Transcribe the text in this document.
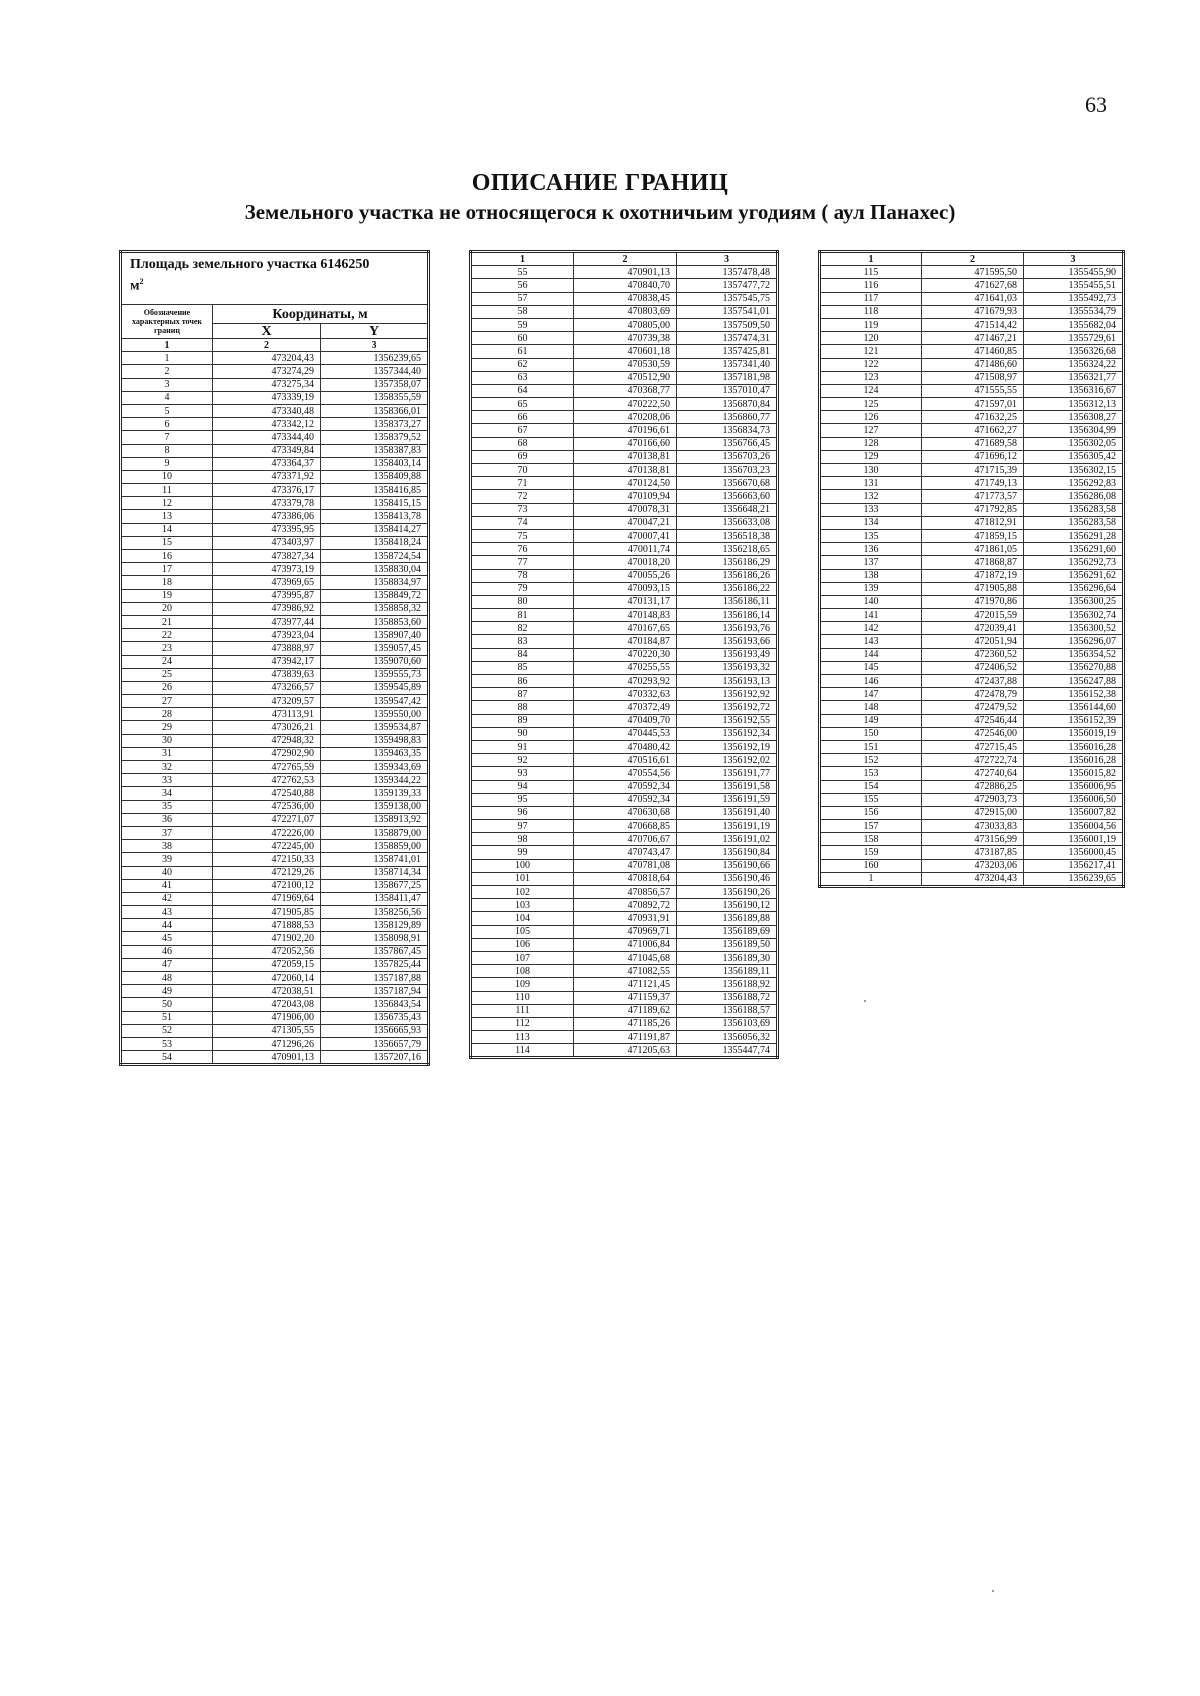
63
ОПИСАНИЕ ГРАНИЦ
Земельного участка не относящегося к охотничьим угодиям ( аул Панахес)
Площадь земельного участка 6146250
$м^2$
Обозначение характерных точек границ	Координаты, м	
	X	Y
1	2	3
1	473204,43	1356239,65
2	473274,29	1357344,40
3	473275,34	1357358,07
4	473339,19	1358355,59
5	473340,48	1358366,01
6	473342,12	1358373,27
7	473344,40	1358379,52
8	473349,84	1358387,83
9	473364,37	1358403,14
10	473371,92	1358409,88
11	473376,17	1358416,85
12	473379,78	1358415,15
13	473386,06	1358413,78
14	473395,95	1358414,27
15	473403,97	1358418,24
16	473827,34	1358724,54
17	473973,19	1358830,04
18	473969,65	1358834,97
19	473995,87	1358849,72
20	473986,92	1358858,32
21	473977,44	1358853,60
22	473923,04	1358907,40
23	473888,97	1359057,45
24	473942,17	1359070,60
25	473839,63	1359555,73
26	473266,57	1359545,89
27	473209,57	1359547,42
28	473113,91	1359550,00
29	473026,21	1359534,87
30	472948,32	1359498,83
31	472902,90	1359463,35
32	472765,59	1359343,69
33	472762,53	1359344,22
34	472540,88	1359139,33
35	472536,00	1359138,00
36	472271,07	1358913,92
37	472226,00	1358879,00
38	472245,00	1358859,00
39	472150,33	1358741,01
40	472129,26	1358714,34
41	472100,12	1358677,25
42	471969,64	1358411,47
43	471905,85	1358256,56
44	471888,53	1358129,89
45	471902,20	1358098,91
46	472052,56	1357867,45
47	472059,15	1357825,44
48	472060,14	1357187,88
49	472038,51	1357187,94
50	472043,08	1356843,54
51	471906,00	1356735,43
52	471305,55	1356665,93
53	471296,26	1356657,79
54	470901,13	1357207,16
1	2	3
55	470901,13	1357478,48
56	470840,70	1357477,72
57	470838,45	1357545,75
58	470803,69	1357541,01
59	470805,00	1357509,50
60	470739,38	1357474,31
61	470601,18	1357425,81
62	470530,59	1357341,40
63	470512,90	1357181,98
64	470368,77	1357010,47
65	470222,50	1356870,84
66	470208,06	1356860,77
67	470196,61	1356834,73
68	470166,60	1356766,45
69	470138,81	1356703,26
70	470138,81	1356703,23
71	470124,50	1356670,68
72	470109,94	1356663,60
73	470078,31	1356648,21
74	470047,21	1356633,08
75	470007,41	1356518,38
76	470011,74	1356218,65
77	470018,20	1356186,29
78	470055,26	1356186,26
79	470093,15	1356186,22
80	470131,17	1356186,11
81	470148,83	1356186,14
82	470167,65	1356193,76
83	470184,87	1356193,66
84	470220,30	1356193,49
85	470255,55	1356193,32
86	470293,92	1356193,13
87	470332,63	1356192,92
88	470372,49	1356192,72
89	470409,70	1356192,55
90	470445,53	1356192,34
91	470480,42	1356192,19
92	470516,61	1356192,02
93	470554,56	1356191,77
94	470592,34	1356191,58
95	470592,34	1356191,59
96	470630,68	1356191,40
97	470668,85	1356191,19
98	470706,67	1356191,02
99	470743,47	1356190,84
100	470781,08	1356190,66
101	470818,64	1356190,46
102	470856,57	1356190,26
103	470892,72	1356190,12
104	470931,91	1356189,88
105	470969,71	1356189,69
106	471006,84	1356189,50
107	471045,68	1356189,30
108	471082,55	1356189,11
109	471121,45	1356188,92
110	471159,37	1356188,72
111	471189,62	1356188,57
112	471185,26	1356103,69
113	471191,87	1356056,32
114	471205,63	1355447,74
1	2	3
115	471595,50	1355455,90
116	471627,68	1355455,51
117	471641,03	1355492,73
118	471679,93	1355534,79
119	471514,42	1355682,04
120	471467,21	1355729,61
121	471460,85	1356326,68
122	471486,60	1356324,22
123	471508,97	1356321,77
124	471555,55	1356316,67
125	471597,01	1356312,13
126	471632,25	1356308,27
127	471662,27	1356304,99
128	471689,58	1356302,05
129	471696,12	1356305,42
130	471715,39	1356302,15
131	471749,13	1356292,83
132	471773,57	1356286,08
133	471792,85	1356283,58
134	471812,91	1356283,58
135	471859,15	1356291,28
136	471861,05	1356291,60
137	471868,87	1356292,73
138	471872,19	1356291,62
139	471905,88	1356296,64
140	471970,86	1356300,25
141	472015,59	1356302,74
142	472039,41	1356300,52
143	472051,94	1356296,07
144	472360,52	1356354,52
145	472406,52	1356270,88
146	472437,88	1356247,88
147	472478,79	1356152,38
148	472479,52	1356144,60
149	472546,44	1356152,39
150	472546,00	1356019,19
151	472715,45	1356016,28
152	472722,74	1356016,28
153	472740,64	1356015,82
154	472886,25	1356006,95
155	472903,73	1356006,50
156	472915,00	1356007,82
157	473033,83	1356004,56
158	473156,99	1356001,19
159	473187,85	1356000,45
160	473203,06	1356217,41
1	473204,43	1356239,65
